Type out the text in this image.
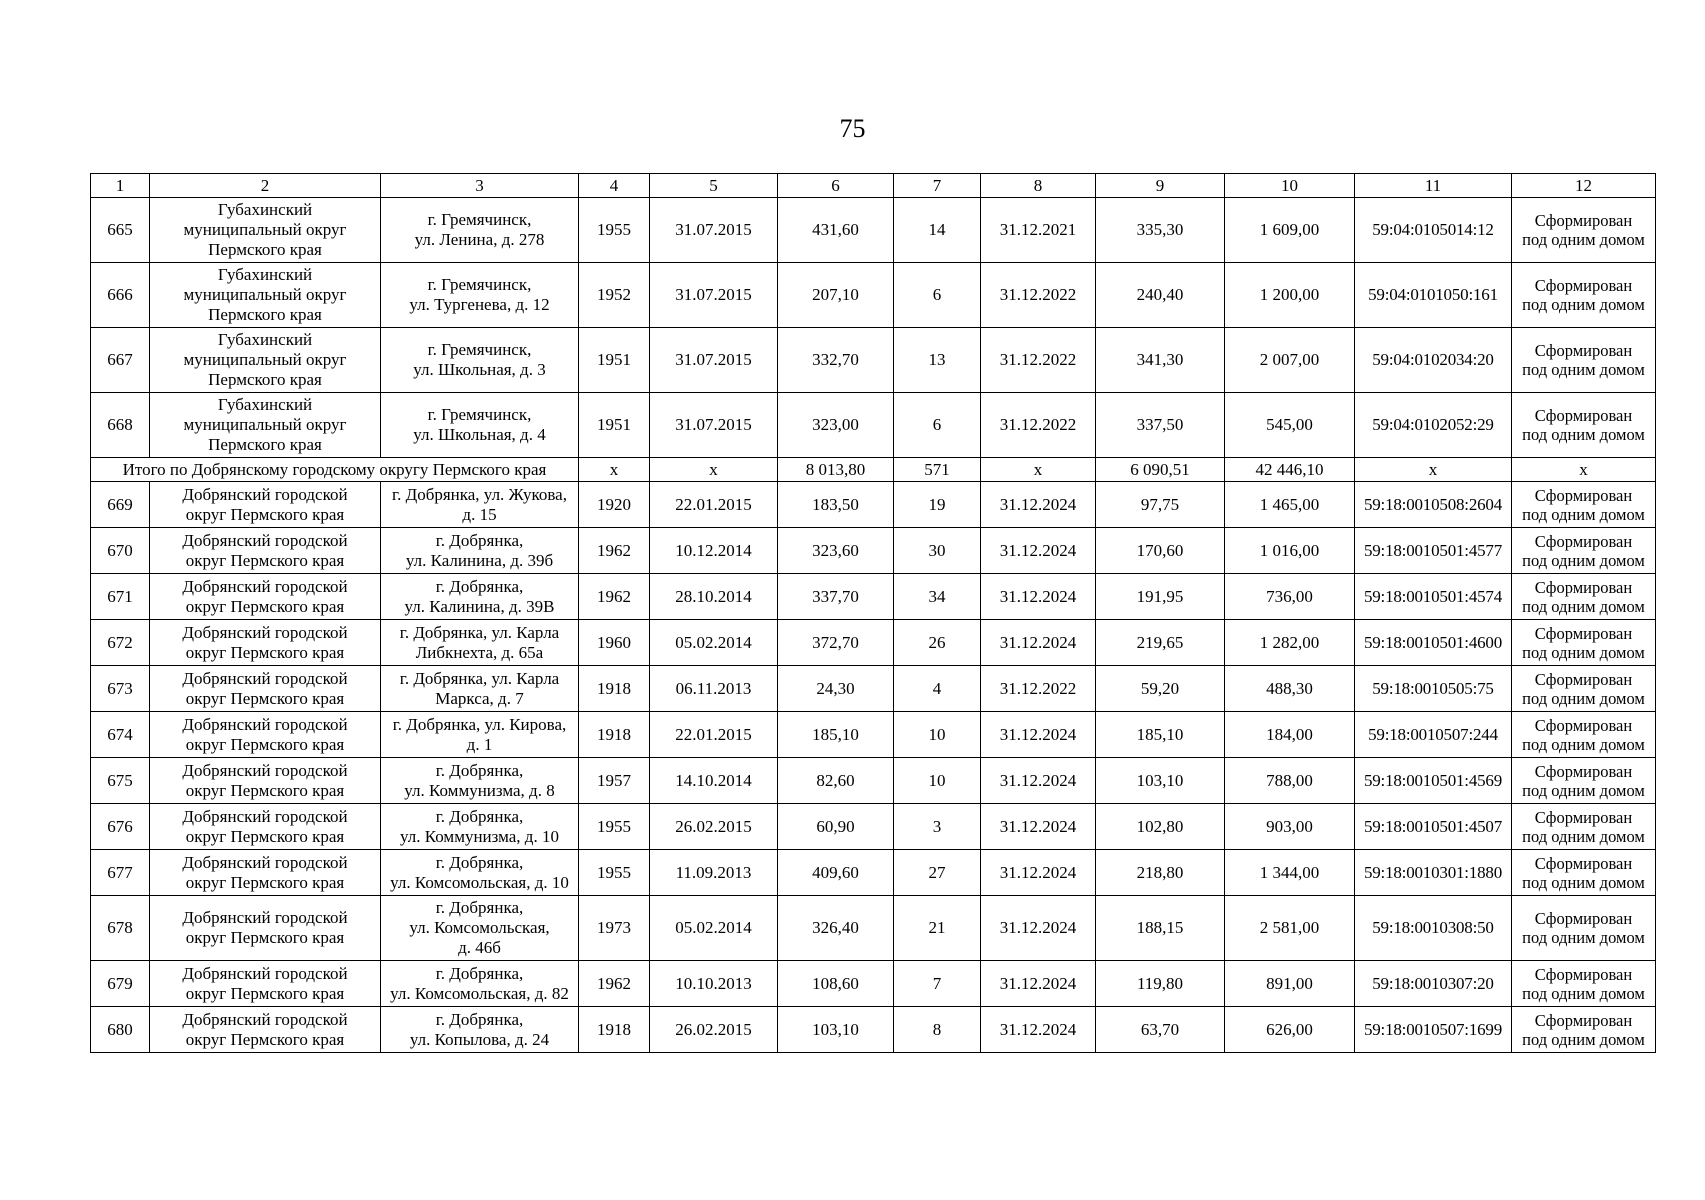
75
1	2	3	4	5	6	7	8	9	10	11	12
665	Губахинский
муниципальный округ
Пермского края	г. Гремячинск,
ул. Ленина, д. 278	1955	31.07.2015	431,60	14	31.12.2021	335,30	1 609,00	59:04:0105014:12	Сформирован
под одним домом

666	Губахинский
муниципальный округ
Пермского края	г. Гремячинск,
ул. Тургенева, д. 12	1952	31.07.2015	207,10	6	31.12.2022	240,40	1 200,00	59:04:0101050:161	Сформирован
под одним домом

667	Губахинский
муниципальный округ
Пермского края	г. Гремячинск,
ул. Школьная, д. 3	1951	31.07.2015	332,70	13	31.12.2022	341,30	2 007,00	59:04:0102034:20	Сформирован
под одним домом

668	Губахинский
муниципальный округ
Пермского края	г. Гремячинск,
ул. Школьная, д. 4	1951	31.07.2015	323,00	6	31.12.2022	337,50	545,00	59:04:0102052:29	Сформирован
под одним домом

Итого по Добрянскому городскому округу Пермского края			х	х	8 013,80	571	х	6 090,51	42 446,10	х	х
669	Добрянский городской
округ Пермского края	г. Добрянка, ул. Жукова,
д. 15	1920	22.01.2015	183,50	19	31.12.2024	97,75	1 465,00	59:18:0010508:2604	Сформирован
под одним домом

670	Добрянский городской
округ Пермского края	г. Добрянка,
ул. Калинина, д. 39б	1962	10.12.2014	323,60	30	31.12.2024	170,60	1 016,00	59:18:0010501:4577	Сформирован
под одним домом

671	Добрянский городской
округ Пермского края	г. Добрянка,
ул. Калинина, д. 39В	1962	28.10.2014	337,70	34	31.12.2024	191,95	736,00	59:18:0010501:4574	Сформирован
под одним домом

672	Добрянский городской
округ Пермского края	г. Добрянка, ул. Карла
Либкнехта, д. 65а	1960	05.02.2014	372,70	26	31.12.2024	219,65	1 282,00	59:18:0010501:4600	Сформирован
под одним домом

673	Добрянский городской
округ Пермского края	г. Добрянка, ул. Карла
Маркса, д. 7	1918	06.11.2013	24,30	4	31.12.2022	59,20	488,30	59:18:0010505:75	Сформирован
под одним домом

674	Добрянский городской
округ Пермского края	г. Добрянка, ул. Кирова,
д. 1	1918	22.01.2015	185,10	10	31.12.2024	185,10	184,00	59:18:0010507:244	Сформирован
под одним домом

675	Добрянский городской
округ Пермского края	г. Добрянка,
ул. Коммунизма, д. 8	1957	14.10.2014	82,60	10	31.12.2024	103,10	788,00	59:18:0010501:4569	Сформирован
под одним домом

676	Добрянский городской
округ Пермского края	г. Добрянка,
ул. Коммунизма, д. 10	1955	26.02.2015	60,90	3	31.12.2024	102,80	903,00	59:18:0010501:4507	Сформирован
под одним домом

677	Добрянский городской
округ Пермского края	г. Добрянка,
ул. Комсомольская, д. 10	1955	11.09.2013	409,60	27	31.12.2024	218,80	1 344,00	59:18:0010301:1880	Сформирован
под одним домом

678	Добрянский городской
округ Пермского края	г. Добрянка,
ул. Комсомольская,
д. 46б	1973	05.02.2014	326,40	21	31.12.2024	188,15	2 581,00	59:18:0010308:50	Сформирован
под одним домом

679	Добрянский городской
округ Пермского края	г. Добрянка,
ул. Комсомольская, д. 82	1962	10.10.2013	108,60	7	31.12.2024	119,80	891,00	59:18:0010307:20	Сформирован
под одним домом

680	Добрянский городской
округ Пермского края	г. Добрянка,
ул. Копылова, д. 24	1918	26.02.2015	103,10	8	31.12.2024	63,70	626,00	59:18:0010507:1699	Сформирован
под одним домом
